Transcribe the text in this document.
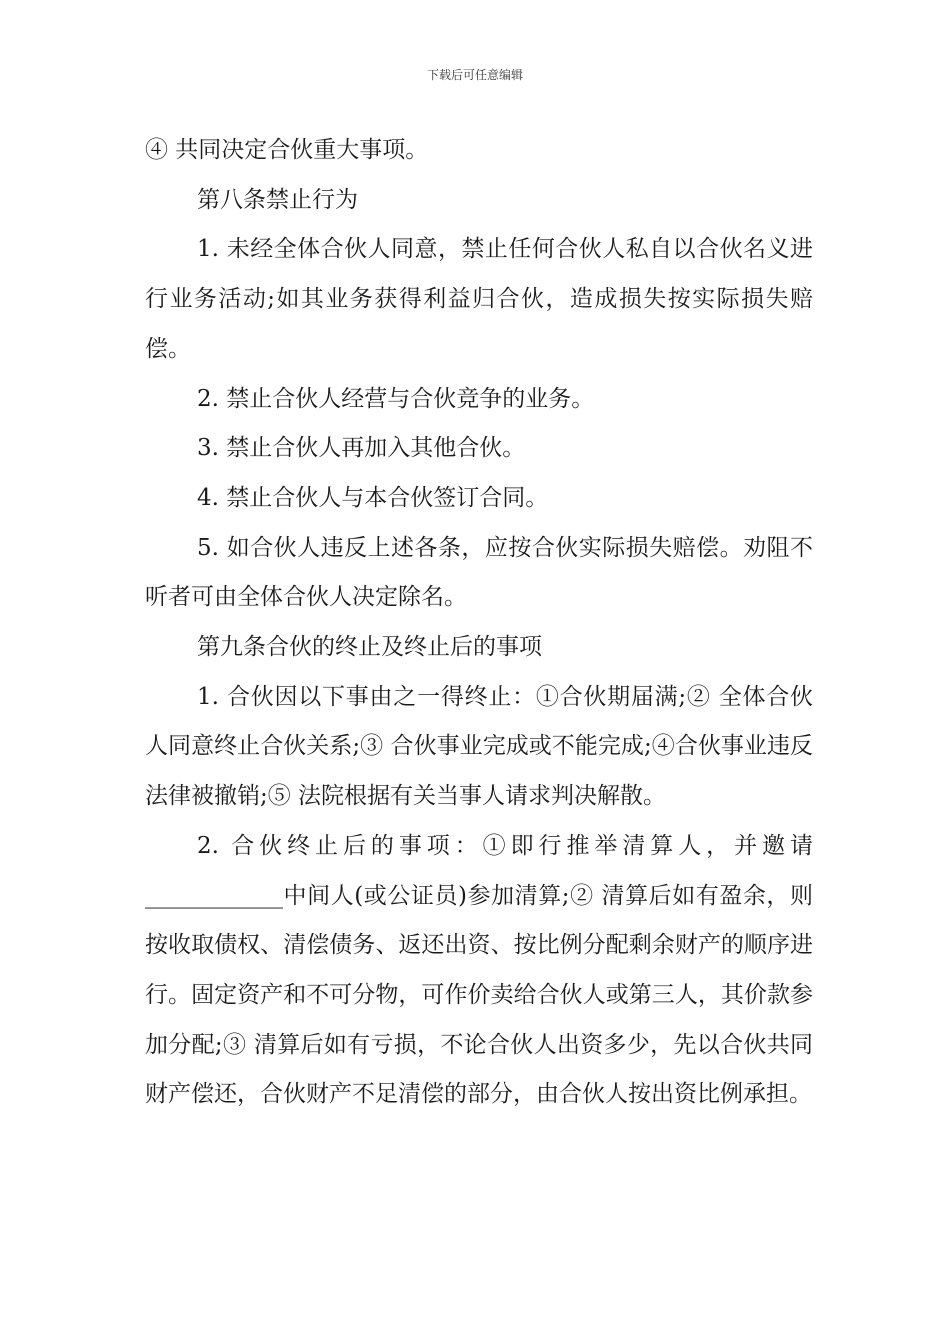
下载后可任意编辑

④ 共同决定合伙重大事项。

第八条禁止行为

1. 未经全体合伙人同意，禁止任何合伙人私自以合伙名义进行业务活动;如其业务获得利益归合伙，造成损失按实际损失赔偿。

2. 禁止合伙人经营与合伙竞争的业务。

3. 禁止合伙人再加入其他合伙。

4. 禁止合伙人与本合伙签订合同。

5. 如合伙人违反上述各条，应按合伙实际损失赔偿。劝阻不听者可由全体合伙人决定除名。

第九条合伙的终止及终止后的事项

1. 合伙因以下事由之一得终止：①合伙期届满;② 全体合伙人同意终止合伙关系;③ 合伙事业完成或不能完成;④合伙事业违反法律被撤销;⑤ 法院根据有关当事人请求判决解散。

2. 合伙终止后的事项：①即行推举清算人，并邀请____________中间人(或公证员)参加清算;② 清算后如有盈余，则按收取债权、清偿债务、返还出资、按比例分配剩余财产的顺序进行。固定资产和不可分物，可作价卖给合伙人或第三人，其价款参加分配;③ 清算后如有亏损，不论合伙人出资多少，先以合伙共同财产偿还，合伙财产不足清偿的部分，由合伙人按出资比例承担。
